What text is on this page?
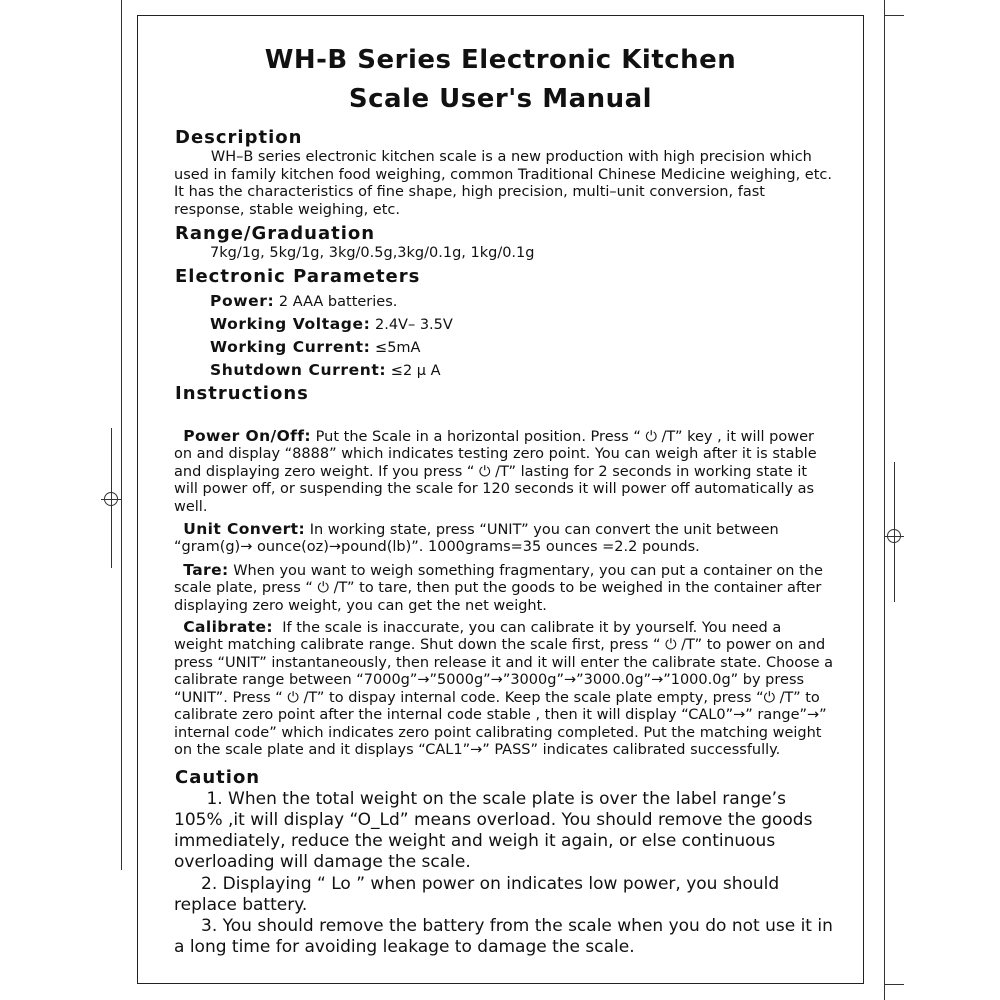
WH-B Series Electronic Kitchen
Scale User's Manual
Description
WH–B series electronic kitchen scale is a new production with high precision which used in family kitchen food weighing, common Traditional Chinese Medicine weighing, etc. It has the characteristics of fine shape, high precision, multi–unit conversion, fast response, stable weighing, etc.
Range/Graduation
7kg/1g, 5kg/1g, 3kg/0.5g,3kg/0.1g, 1kg/0.1g
Electronic Parameters
Power: 2 AAA batteries.
Working Voltage: 2.4V– 3.5V
Working Current: ≤5mA
Shutdown Current: ≤2 μ A
Instructions

Power On/Off: Put the Scale in a horizontal position. Press “ ⏻ /T” key , it will power on and display “8888” which indicates testing zero point. You can weigh after it is stable and displaying zero weight. If you press “ ⏻ /T” lasting for 2 seconds in working state it will power off, or suspending the scale for 120 seconds it will power off automatically as well.

Unit Convert: In working state, press “UNIT” you can convert the unit between “gram(g)→ ounce(oz)→pound(lb)”. 1000grams=35 ounces =2.2 pounds.

Tare: When you want to weigh something fragmentary, you can put a container on the scale plate, press “ ⏻ /T” to tare, then put the goods to be weighed in the container after displaying zero weight, you can get the net weight.

Calibrate:  If the scale is inaccurate, you can calibrate it by yourself. You need a weight matching calibrate range. Shut down the scale first, press “ ⏻ /T” to power on and press “UNIT” instantaneously, then release it and it will enter the calibrate state. Choose a calibrate range between “7000g”→”5000g”→”3000g”→”3000.0g”→”1000.0g” by press “UNIT”. Press “ ⏻ /T” to dispay internal code. Keep the scale plate empty, press “⏻ /T” to calibrate zero point after the internal code stable , then it will display “CAL0”→” range”→” internal code” which indicates zero point calibrating completed. Put the matching weight on the scale plate and it displays “CAL1”→” PASS” indicates calibrated successfully.

Caution
1. When the total weight on the scale plate is over the label range’s 105% ,it will display “O_Ld” means overload. You should remove the goods immediately, reduce the weight and weigh it again, or else continuous overloading will damage the scale.
2. Displaying “ Lo ” when power on indicates low power, you should replace battery.
3. You should remove the battery from the scale when you do not use it in a long time for avoiding leakage to damage the scale.
